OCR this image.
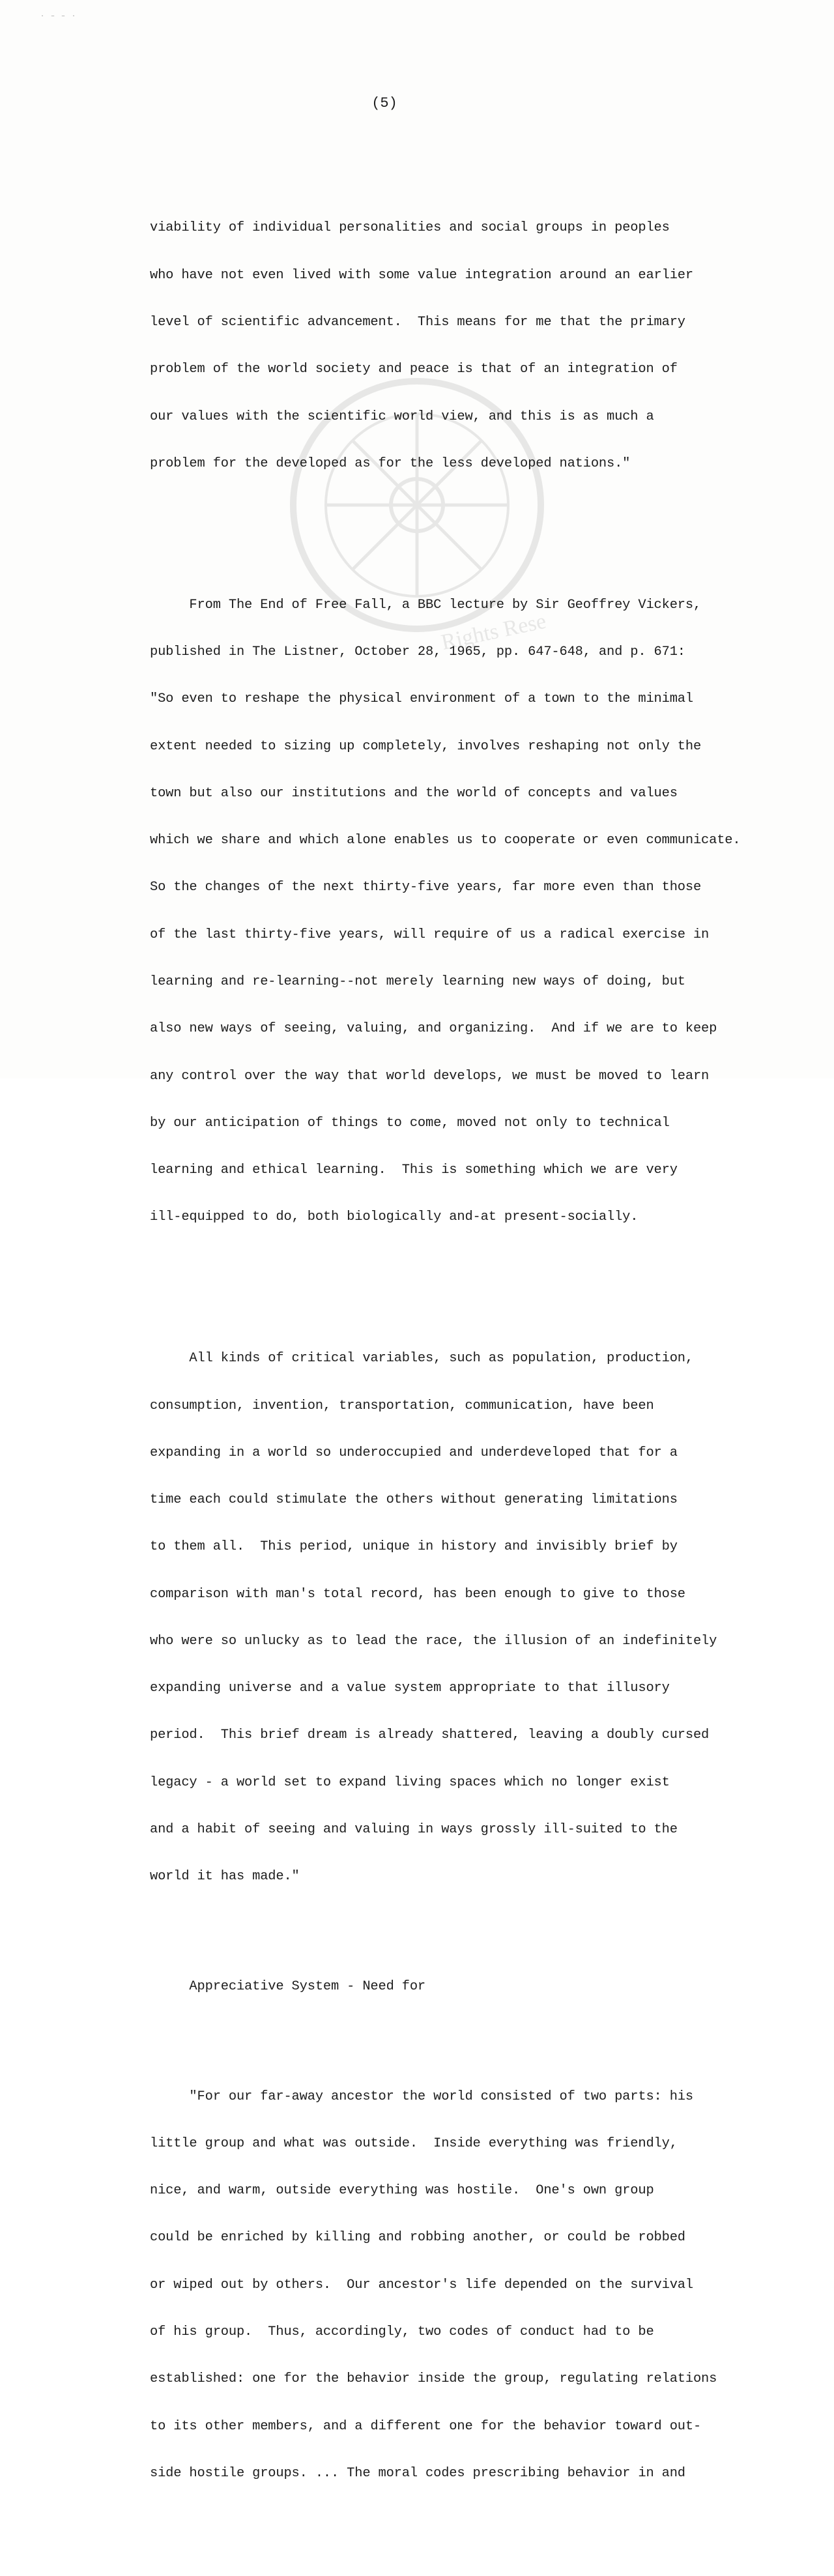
· ‒ ‒ ·
Rights Rese
(5)

viability of individual personalities and social groups in peoples

who have not even lived with some value integration around an earlier

level of scientific advancement.  This means for me that the primary

problem of the world society and peace is that of an integration of

our values with the scientific world view, and this is as much a

problem for the developed as for the less developed nations."

From The End of Free Fall, a BBC lecture by Sir Geoffrey Vickers,

published in The Listner, October 28, 1965, pp. 647-648, and p. 671:

"So even to reshape the physical environment of a town to the minimal

extent needed to sizing up completely, involves reshaping not only the

town but also our institutions and the world of concepts and values

which we share and which alone enables us to cooperate or even communicate.

So the changes of the next thirty-five years, far more even than those

of the last thirty-five years, will require of us a radical exercise in

learning and re-learning--not merely learning new ways of doing, but

also new ways of seeing, valuing, and organizing.  And if we are to keep

any control over the way that world develops, we must be moved to learn

by our anticipation of things to come, moved not only to technical

learning and ethical learning.  This is something which we are very

ill-equipped to do, both biologically and-at present-socially.

All kinds of critical variables, such as population, production,

consumption, invention, transportation, communication, have been

expanding in a world so underoccupied and underdeveloped that for a

time each could stimulate the others without generating limitations

to them all.  This period, unique in history and invisibly brief by

comparison with man's total record, has been enough to give to those

who were so unlucky as to lead the race, the illusion of an indefinitely

expanding universe and a value system appropriate to that illusory

period.  This brief dream is already shattered, leaving a doubly cursed

legacy - a world set to expand living spaces which no longer exist

and a habit of seeing and valuing in ways grossly ill-suited to the

world it has made."

Appreciative System - Need for

"For our far-away ancestor the world consisted of two parts: his

little group and what was outside.  Inside everything was friendly,

nice, and warm, outside everything was hostile.  One's own group

could be enriched by killing and robbing another, or could be robbed

or wiped out by others.  Our ancestor's life depended on the survival

of his group.  Thus, accordingly, two codes of conduct had to be

established: one for the behavior inside the group, regulating relations

to its other members, and a different one for the behavior toward out-

side hostile groups. ... The moral codes prescribing behavior in and
